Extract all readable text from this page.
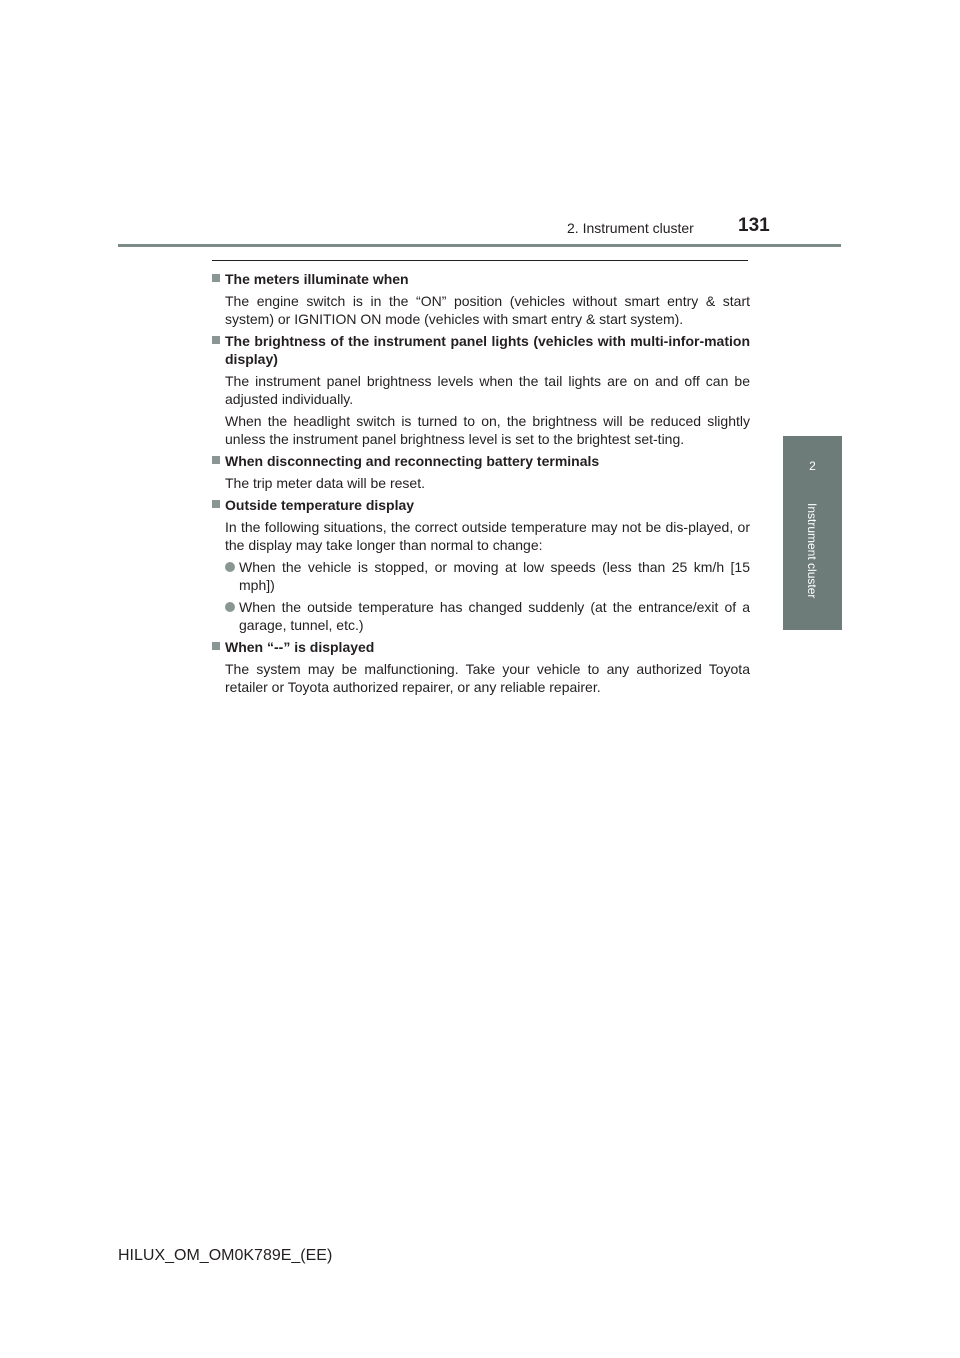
2. Instrument cluster 131
2
Instrument cluster
The meters illuminate when
The engine switch is in the “ON” position (vehicles without smart entry & start system) or IGNITION ON mode (vehicles with smart entry & start system).
The brightness of the instrument panel lights (vehicles with multi-infor-mation display)
The instrument panel brightness levels when the tail lights are on and off can be adjusted individually.
When the headlight switch is turned to on, the brightness will be reduced slightly unless the instrument panel brightness level is set to the brightest set-ting.
When disconnecting and reconnecting battery terminals
The trip meter data will be reset.
Outside temperature display
In the following situations, the correct outside temperature may not be dis-played, or the display may take longer than normal to change:
When the vehicle is stopped, or moving at low speeds (less than 25 km/h [15 mph])
When the outside temperature has changed suddenly (at the entrance/exit of a garage, tunnel, etc.)
When “--” is displayed
The system may be malfunctioning. Take your vehicle to any authorized Toyota retailer or Toyota authorized repairer, or any reliable repairer.
HILUX_OM_OM0K789E_(EE)
